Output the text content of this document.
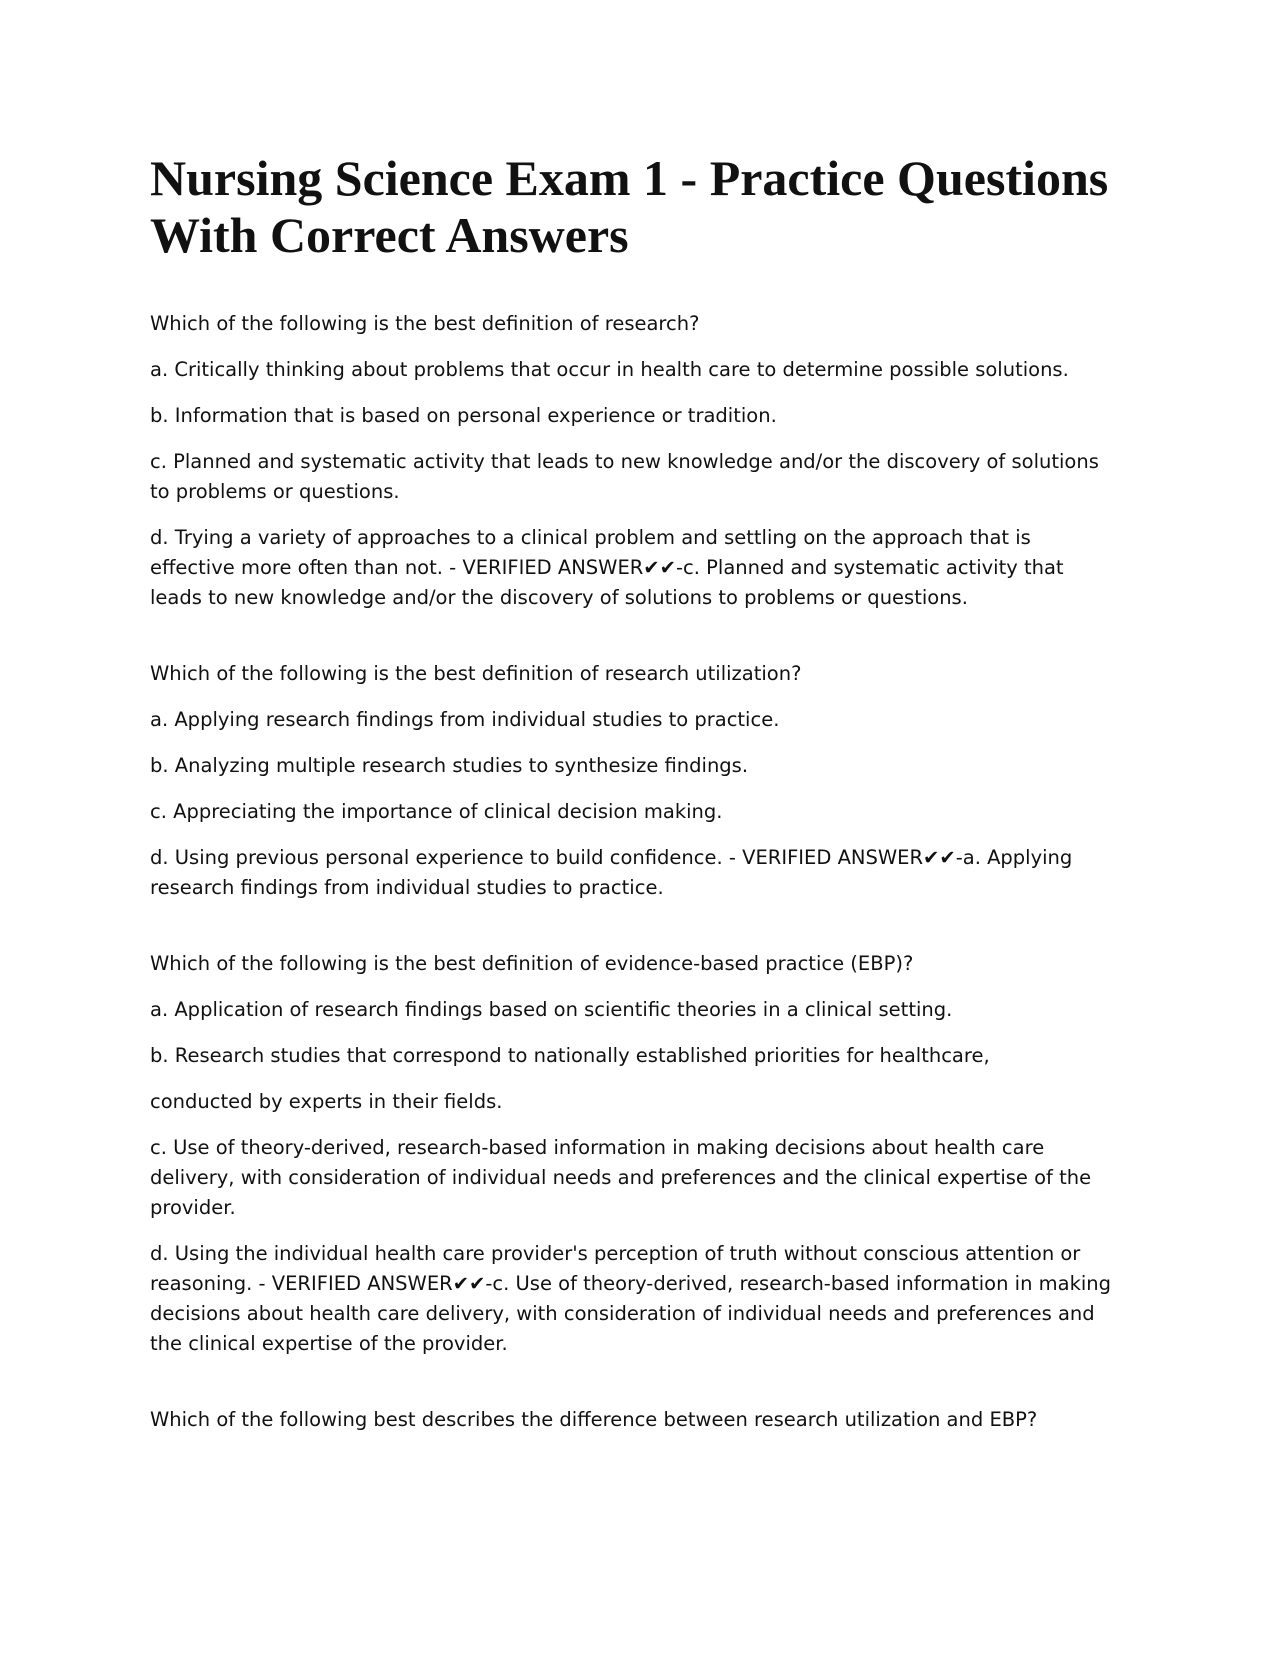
Nursing Science Exam 1 - Practice Questions With Correct Answers

Which of the following is the best definition of research?

a. Critically thinking about problems that occur in health care to determine possible solutions.

b. Information that is based on personal experience or tradition.

c. Planned and systematic activity that leads to new knowledge and/or the discovery of solutions to problems or questions.

d. Trying a variety of approaches to a clinical problem and settling on the approach that is effective more often than not. - VERIFIED ANSWER✔✔-c. Planned and systematic activity that leads to new knowledge and/or the discovery of solutions to problems or questions.

Which of the following is the best definition of research utilization?

a. Applying research findings from individual studies to practice.

b. Analyzing multiple research studies to synthesize findings.

c. Appreciating the importance of clinical decision making.

d. Using previous personal experience to build confidence. - VERIFIED ANSWER✔✔-a. Applying research findings from individual studies to practice.

Which of the following is the best definition of evidence-based practice (EBP)?

a. Application of research findings based on scientific theories in a clinical setting.

b. Research studies that correspond to nationally established priorities for healthcare,

conducted by experts in their fields.

c. Use of theory-derived, research-based information in making decisions about health care delivery, with consideration of individual needs and preferences and the clinical expertise of the provider.

d. Using the individual health care provider's perception of truth without conscious attention or reasoning. - VERIFIED ANSWER✔✔-c. Use of theory-derived, research-based information in making decisions about health care delivery, with consideration of individual needs and preferences and the clinical expertise of the provider.

Which of the following best describes the difference between research utilization and EBP?
